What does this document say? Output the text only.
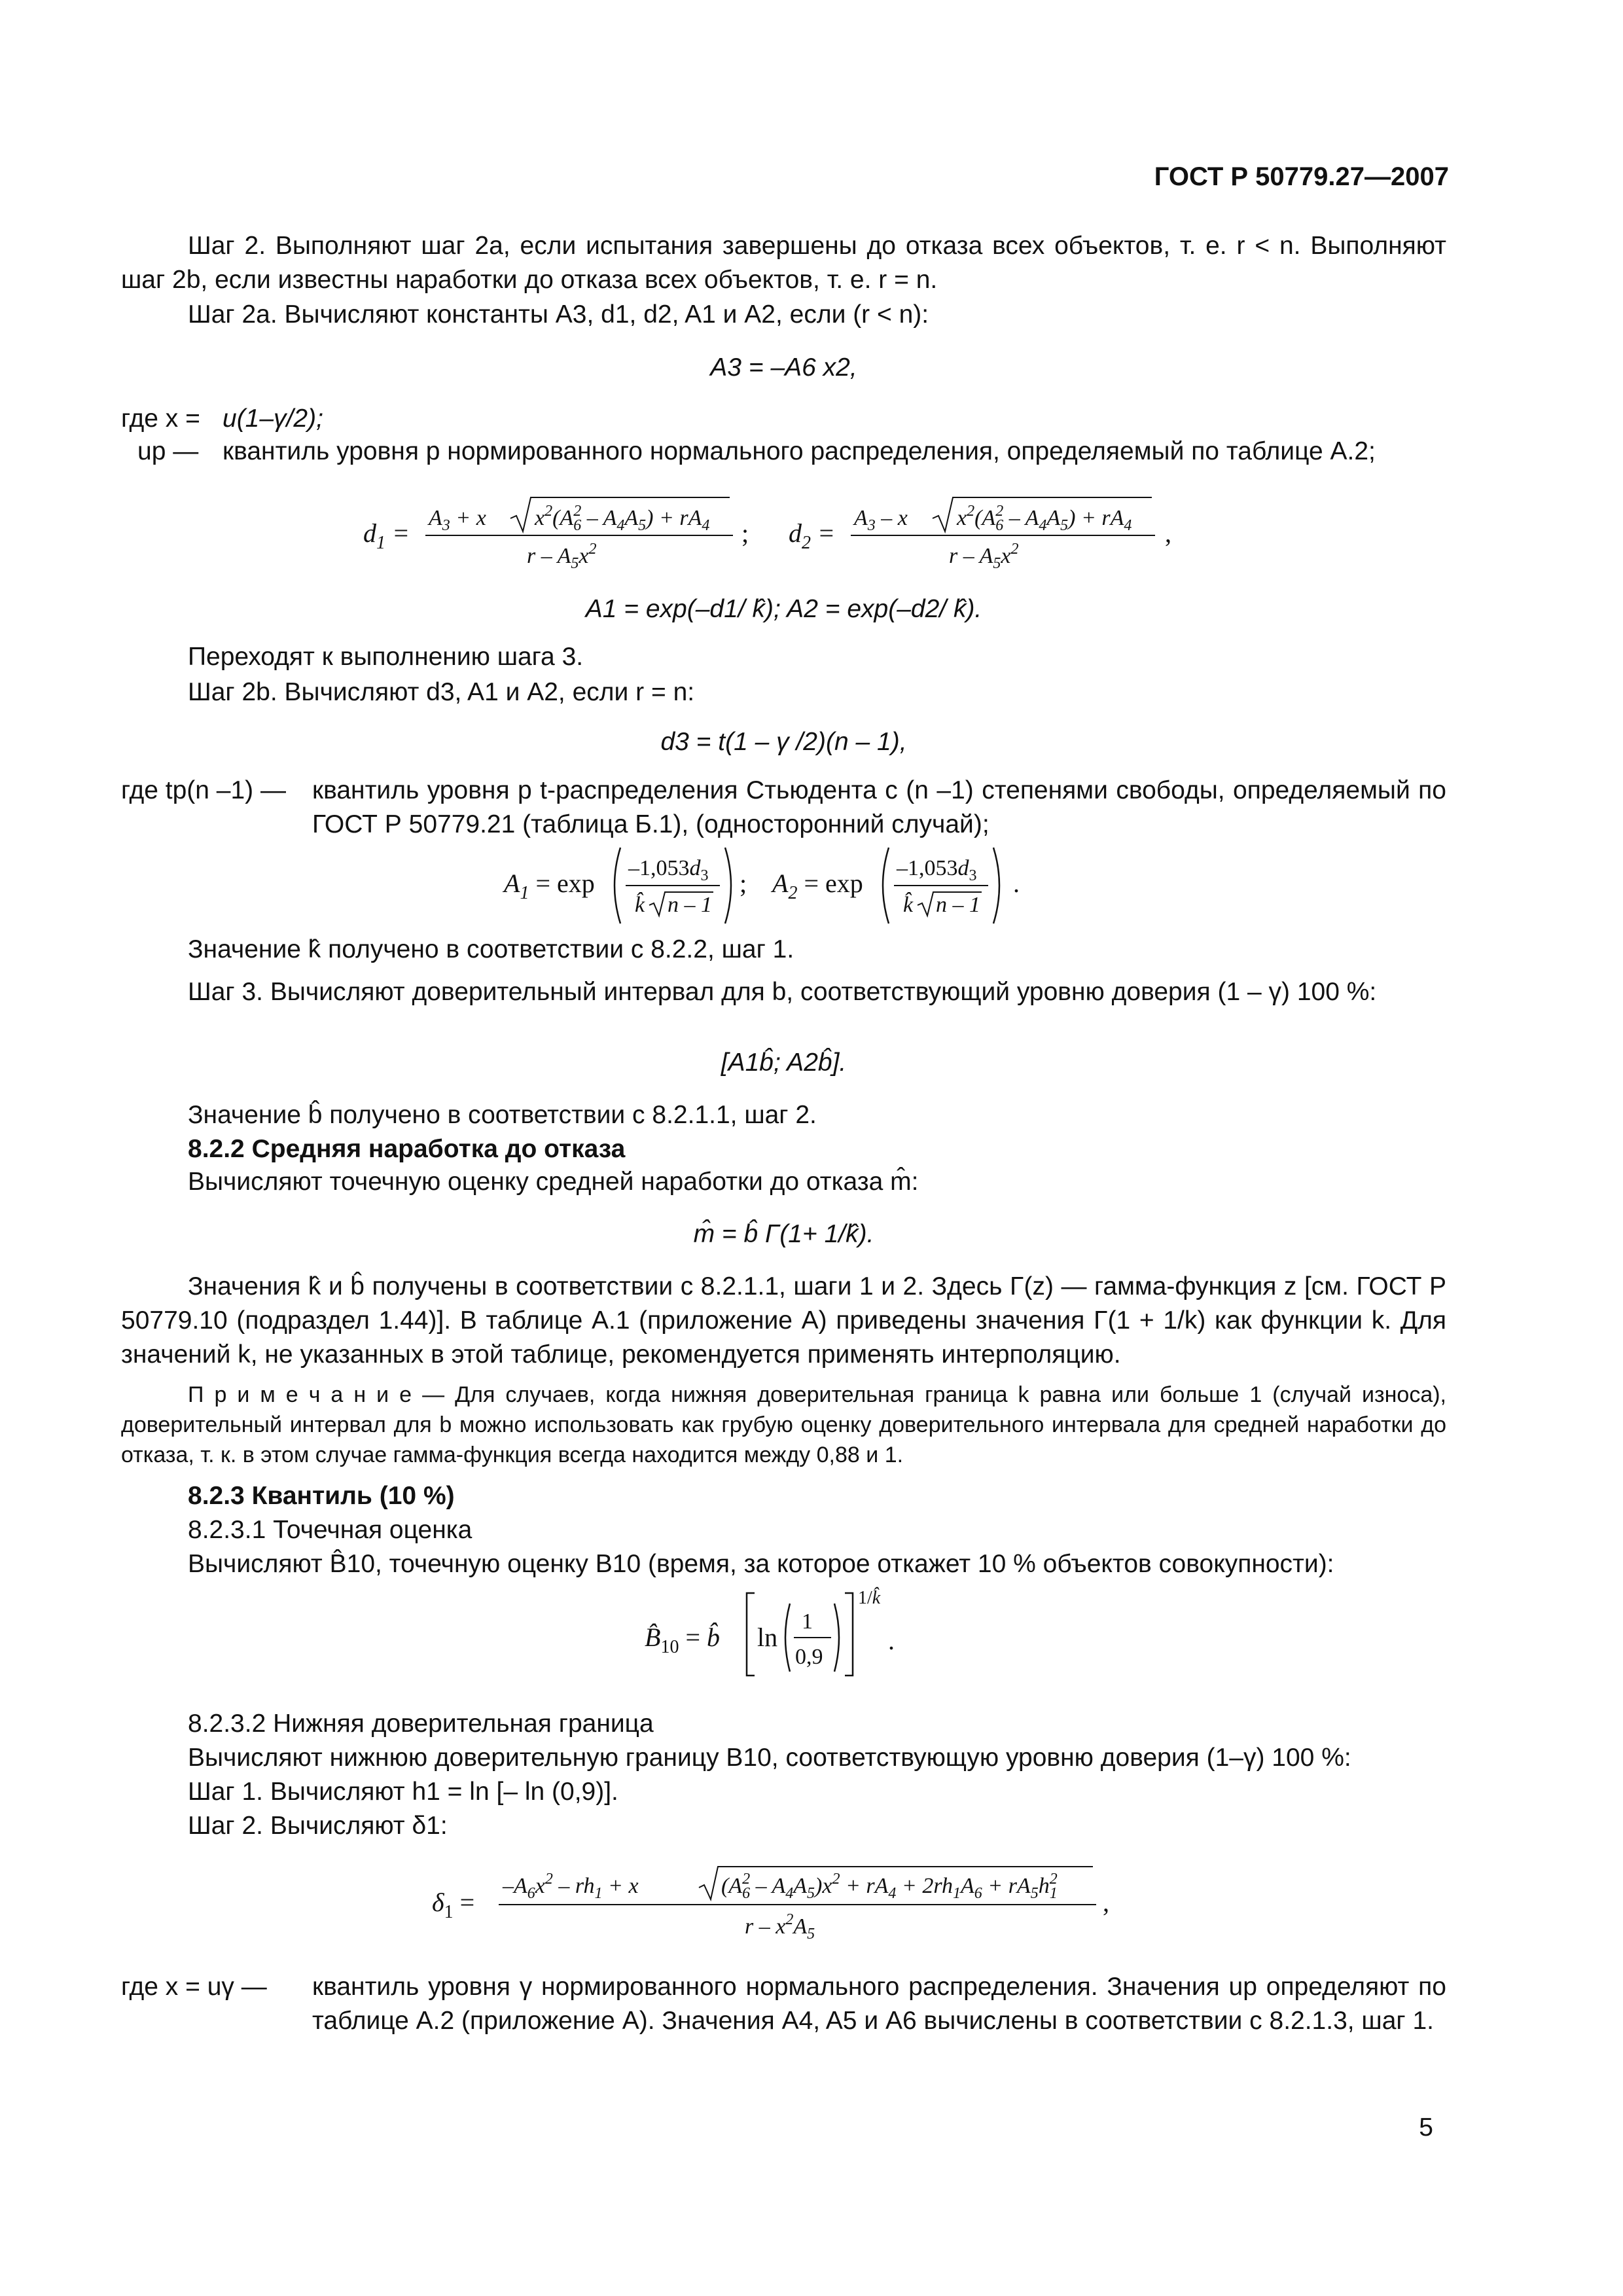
ГОСТ Р 50779.27—2007

Шаг 2. Выполняют шаг 2a, если испытания завершены до отказа всех объектов, т. е. r < n. Выполняют шаг 2b, если известны наработки до отказа всех объектов, т. е. r = n.

Шаг 2a. Вычисляют константы A3, d1, d2, A1 и A2, если (r < n):

A3 = –A6 x2,
где x = u(1–γ/2);
up — квантиль уровня p нормированного нормального распределения, определяемый по таблице А.2;
$d_1$ =
$A_3 + x$ $x^2(A^2$ $6 - A_4A_5) + rA_4$
r – $A_5x^2$
; $d_2$ =
$A_3$ – x $x^2(A^2$ $6 - A_4A_5) + rA_4$
r – $A_5x^2$
,
A1 = exp(–d1/ k̂); A2 = exp(–d2/ k̂).

Переходят к выполнению шага 3.

Шаг 2b. Вычисляют d3, A1 и A2, если r = n:

d3 = t(1 – γ /2)(n – 1),
где tp(n –1) —	квантиль уровня p t-распределения Стьюдента с (n –1) степенями свободы, определяемый по ГОСТ Р 50779.21 (таблица Б.1), (односторонний случай);
$A_1 = \exp$
$-1,053d_3$
k̂ n – 1
; $A_2 = \exp$
$-1,053d_3$
k̂ n – 1
.

Значение k̂ получено в соответствии с 8.2.2, шаг 1.

Шаг 3. Вычисляют доверительный интервал для b, соответствующий уровню доверия (1 – γ) 100 %:

[A1b̂; A2b̂].

Значение b̂ получено в соответствии с 8.2.1.1, шаг 2.

8.2.2 Средняя наработка до отказа

Вычисляют точечную оценку средней наработки до отказа m̂:

m̂ = b̂ Γ(1+ 1/k̂).

Значения k̂ и b̂ получены в соответствии с 8.2.1.1, шаги 1 и 2. Здесь Γ(z) — гамма-функция z [см. ГОСТ Р 50779.10 (подраздел 1.44)]. В таблице А.1 (приложение А) приведены значения Γ(1 + 1/k) как функции k. Для значений k, не указанных в этой таблице, рекомендуется применять интерполяцию.

П р и м е ч а н и е — Для случаев, когда нижняя доверительная граница k равна или больше 1 (случай износа), доверительный интервал для b можно использовать как грубую оценку доверительного интервала для средней наработки до отказа, т. к. в этом случае гамма-функция всегда находится между 0,88 и 1.

8.2.3 Квантиль (10 %)

8.2.3.1 Точечная оценка

Вычисляют B̂10, точечную оценку B10 (время, за которое откажет 10 % объектов совокупности):

$B̂_{10}$ = b̂ ln
1
0,9
1/k̂
.

8.2.3.2 Нижняя доверительная граница

Вычисляют нижнюю доверительную границу B10, соответствующую уровню доверия (1–γ) 100 %:

Шаг 1. Вычисляют h1 = ln [– ln (0,9)].

Шаг 2. Вычисляют δ1:

$\delta_1$ =
$-A_6x^2 - rh_1 + x$	($A^2$ $6 - A_4A_5)x^2 + rA_4 + 2rh_1A_6 + rA_5h^2$ 1
r – $x^2A_5$
,
где x = uγ —	квантиль уровня γ нормированного нормального распределения. Значения up определяют по таблице А.2 (приложение А). Значения A4, A5 и A6 вычислены в соответствии с 8.2.1.3, шаг 1.
5
